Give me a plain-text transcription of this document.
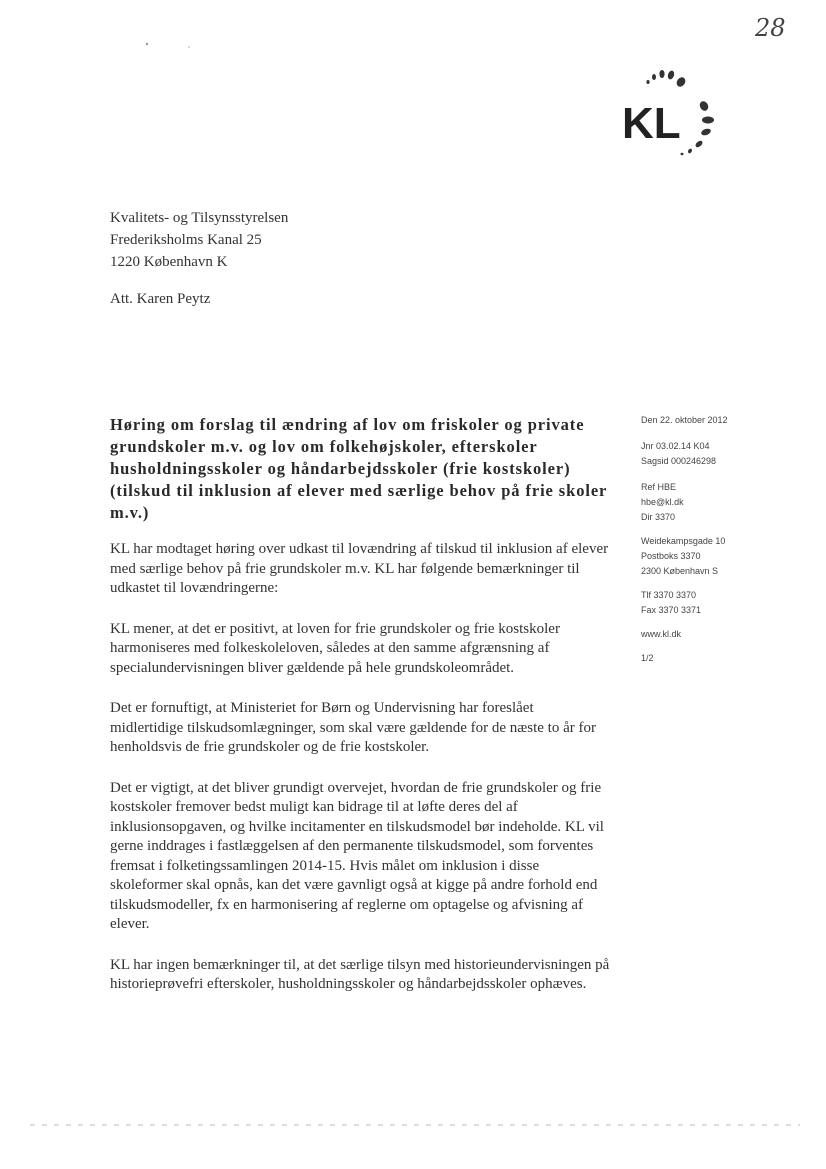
28
KL
Kvalitets- og Tilsynsstyrelsen
Frederiksholms Kanal 25
1220 København K
Att. Karen Peytz
Høring om forslag til ændring af lov om friskoler og private grundskoler m.v. og lov om folkehøjskoler, efterskoler husholdningsskoler og håndarbejdsskoler (frie kostskoler) (tilskud til inklusion af elever med særlige behov på frie skoler m.v.)

KL har modtaget høring over udkast til lovændring af tilskud til inklusion af elever med særlige behov på frie grundskoler m.v. KL har følgende bemærkninger til udkastet til lovændringerne:

KL mener, at det er positivt, at loven for frie grundskoler og frie kostskoler harmoniseres med folkeskoleloven, således at den samme afgrænsning af specialundervisningen bliver gældende på hele grundskoleområdet.

Det er fornuftigt, at Ministeriet for Børn og Undervisning har foreslået midlertidige tilskudsomlægninger, som skal være gældende for de næste to år for henholdsvis de frie grundskoler og de frie kostskoler.

Det er vigtigt, at det bliver grundigt overvejet, hvordan de frie grundskoler og frie kostskoler fremover bedst muligt kan bidrage til at løfte deres del af inklusionsopgaven, og hvilke incitamenter en tilskudsmodel bør indeholde. KL vil gerne inddrages i fastlæggelsen af den permanente tilskudsmodel, som forventes fremsat i folketingssamlingen 2014-15. Hvis målet om inklusion i disse skoleformer skal opnås, kan det være gavnligt også at kigge på andre forhold end tilskudsmodeller, fx en harmonisering af reglerne om optagelse og afvisning af elever.

KL har ingen bemærkninger til, at det særlige tilsyn med historieundervisningen på historieprøvefri efterskoler, husholdningsskoler og håndarbejdsskoler ophæves.

Den 22. oktober 2012
Jnr 03.02.14 K04
Sagsid 000246298
Ref HBE
hbe@kl.dk
Dir 3370
Weidekampsgade 10
Postboks 3370
2300 København S
Tlf 3370 3370
Fax 3370 3371
www.kl.dk
1/2
